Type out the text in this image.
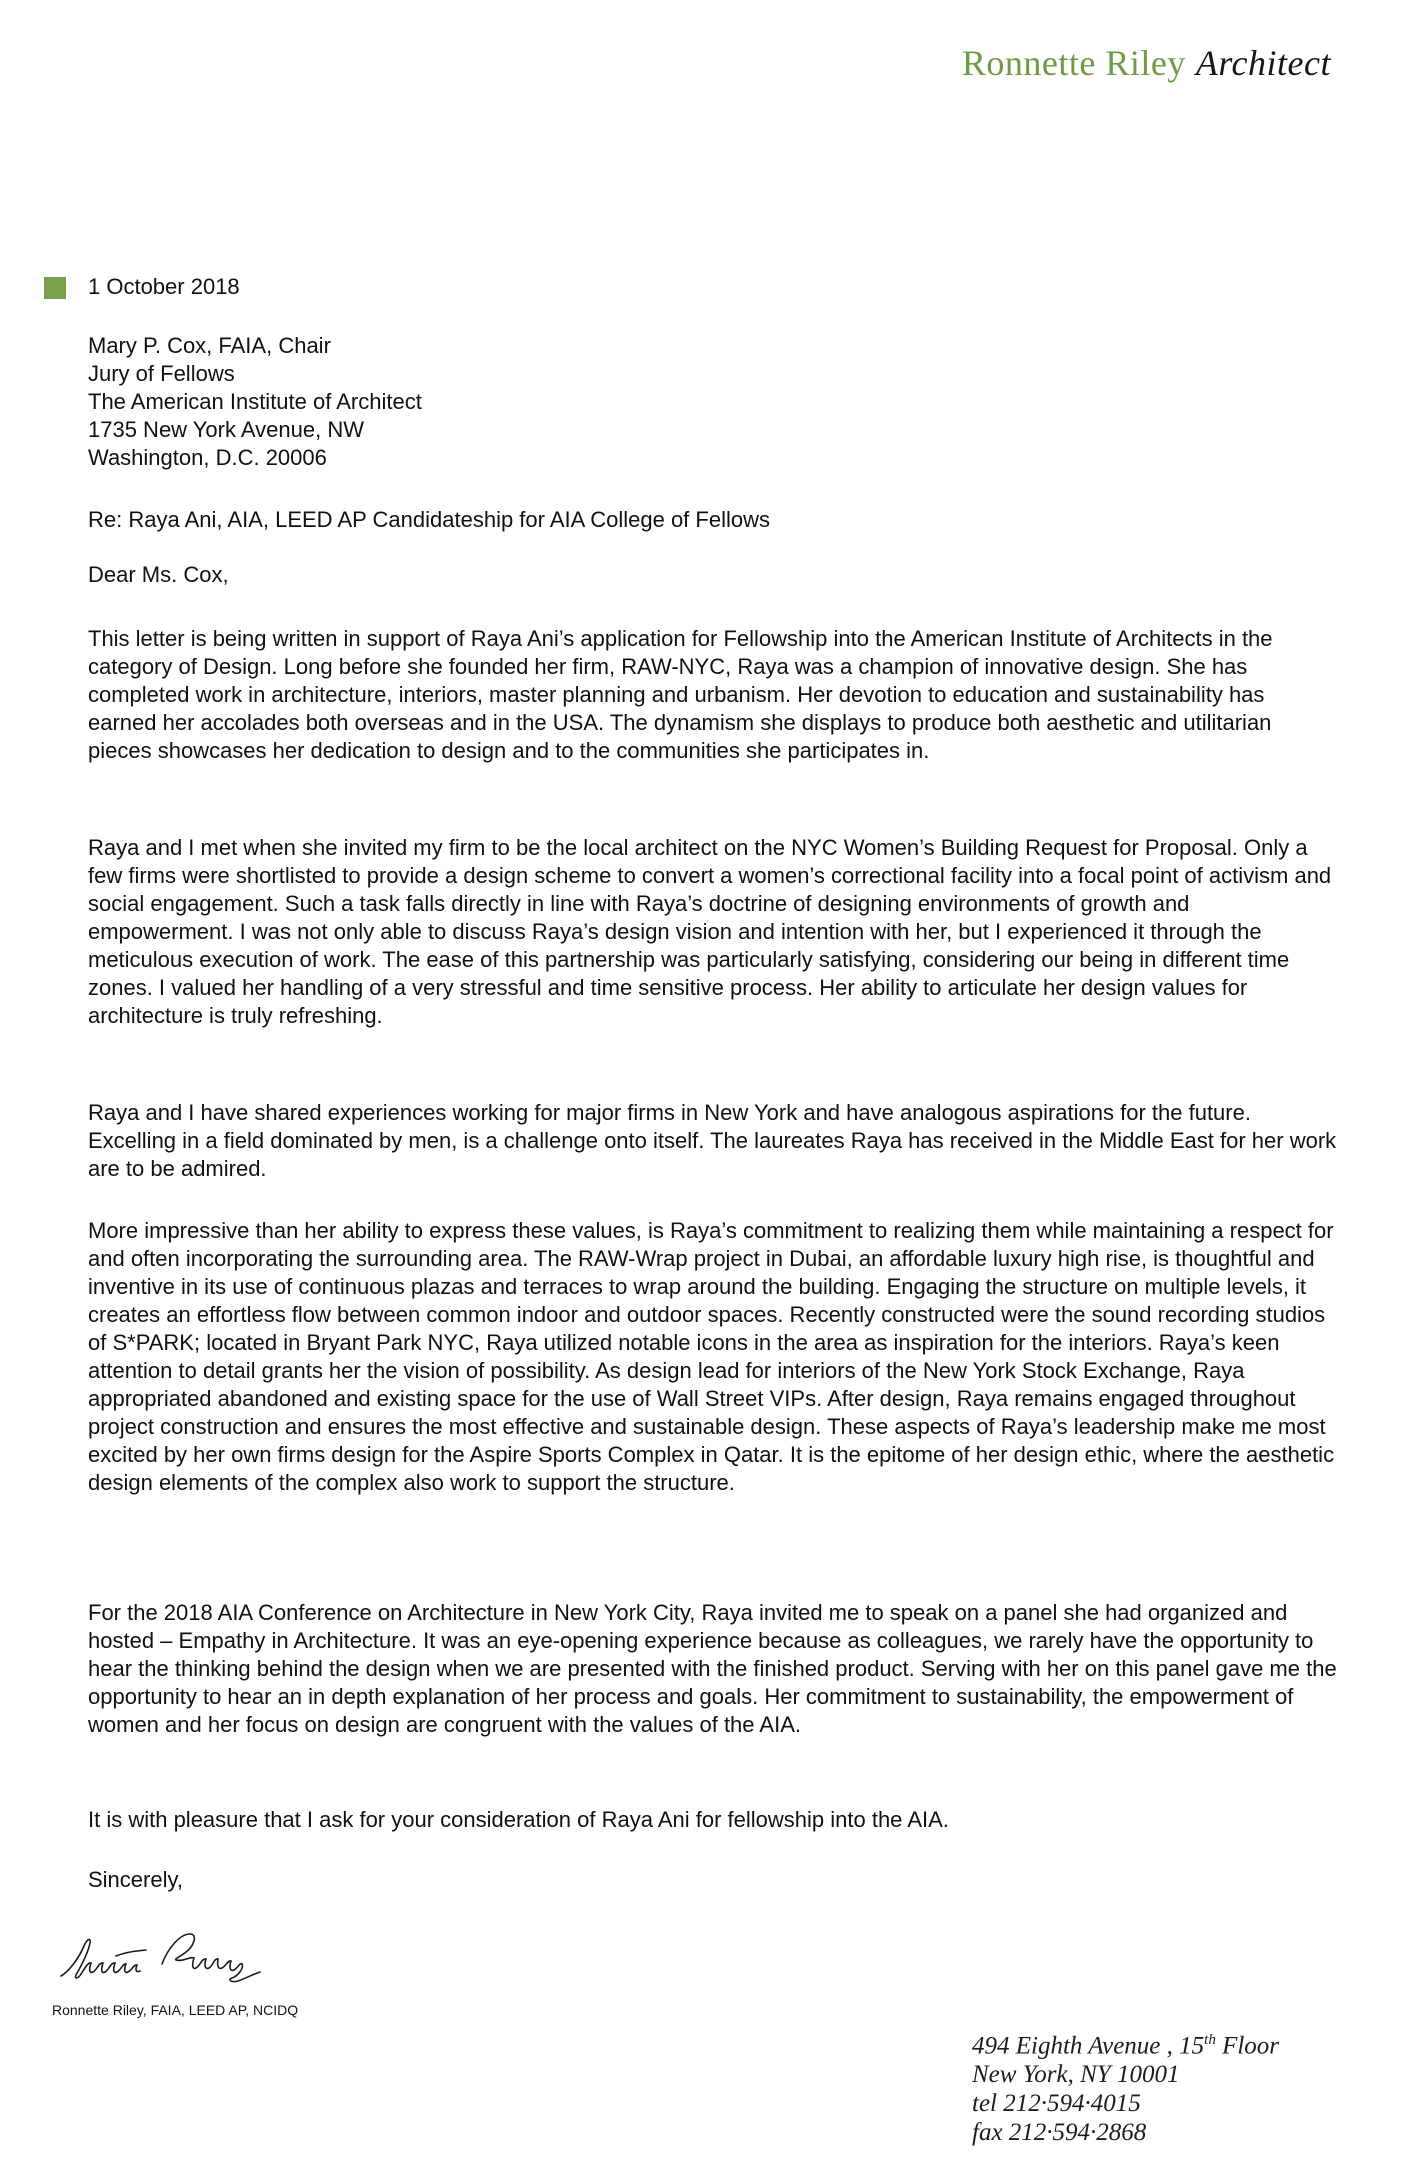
Ronnette Riley Architect
1 October 2018
Mary P. Cox, FAIA, Chair
Jury of Fellows
The American Institute of Architect
1735 New York Avenue, NW
Washington, D.C. 20006
Re: Raya Ani, AIA, LEED AP Candidateship for AIA College of Fellows
Dear Ms. Cox,

This letter is being written in support of Raya Ani’s application for Fellowship into the American Institute of Architects in the category of Design. Long before she founded her firm, RAW-NYC, Raya was a champion of innovative design. She has completed work in architecture, interiors, master planning and urbanism. Her devotion to education and sustainability has earned her accolades both overseas and in the USA. The dynamism she displays to produce both aesthetic and utilitarian pieces showcases her dedication to design and to the communities she participates in.

Raya and I met when she invited my firm to be the local architect on the NYC Women’s Building Request for Proposal. Only a few firms were shortlisted to provide a design scheme to convert a women’s correctional facility into a focal point of activism and social engagement. Such a task falls directly in line with Raya’s doctrine of designing environments of growth and empowerment. I was not only able to discuss Raya’s design vision and intention with her, but I experienced it through the meticulous execution of work. The ease of this partnership was particularly satisfying, considering our being in different time zones. I valued her handling of a very stressful and time sensitive process. Her ability to articulate her design values for architecture is truly refreshing.

Raya and I have shared experiences working for major firms in New York and have analogous aspirations for the future. Excelling in a field dominated by men, is a challenge onto itself. The laureates Raya has received in the Middle East for her work are to be admired.

More impressive than her ability to express these values, is Raya’s commitment to realizing them while maintaining a respect for and often incorporating the surrounding area. The RAW-Wrap project in Dubai, an affordable luxury high rise, is thoughtful and inventive in its use of continuous plazas and terraces to wrap around the building. Engaging the structure on multiple levels, it creates an effortless flow between common indoor and outdoor spaces. Recently constructed were the sound recording studios of S*PARK; located in Bryant Park NYC, Raya utilized notable icons in the area as inspiration for the interiors. Raya’s keen attention to detail grants her the vision of possibility. As design lead for interiors of the New York Stock Exchange, Raya appropriated abandoned and existing space for the use of Wall Street VIPs. After design, Raya remains engaged throughout project construction and ensures the most effective and sustainable design. These aspects of Raya’s leadership make me most excited by her own firms design for the Aspire Sports Complex in Qatar. It is the epitome of her design ethic, where the aesthetic design elements of the complex also work to support the structure.

For the 2018 AIA Conference on Architecture in New York City, Raya invited me to speak on a panel she had organized and hosted – Empathy in Architecture. It was an eye-opening experience because as colleagues, we rarely have the opportunity to hear the thinking behind the design when we are presented with the finished product. Serving with her on this panel gave me the opportunity to hear an in depth explanation of her process and goals. Her commitment to sustainability, the empowerment of women and her focus on design are congruent with the values of the AIA.

It is with pleasure that I ask for your consideration of Raya Ani for fellowship into the AIA.

Sincerely,
Ronnette Riley, FAIA, LEED AP, NCIDQ
494 Eighth Avenue , 15th Floor
New York, NY 10001
tel 212·594·4015
fax 212·594·2868
